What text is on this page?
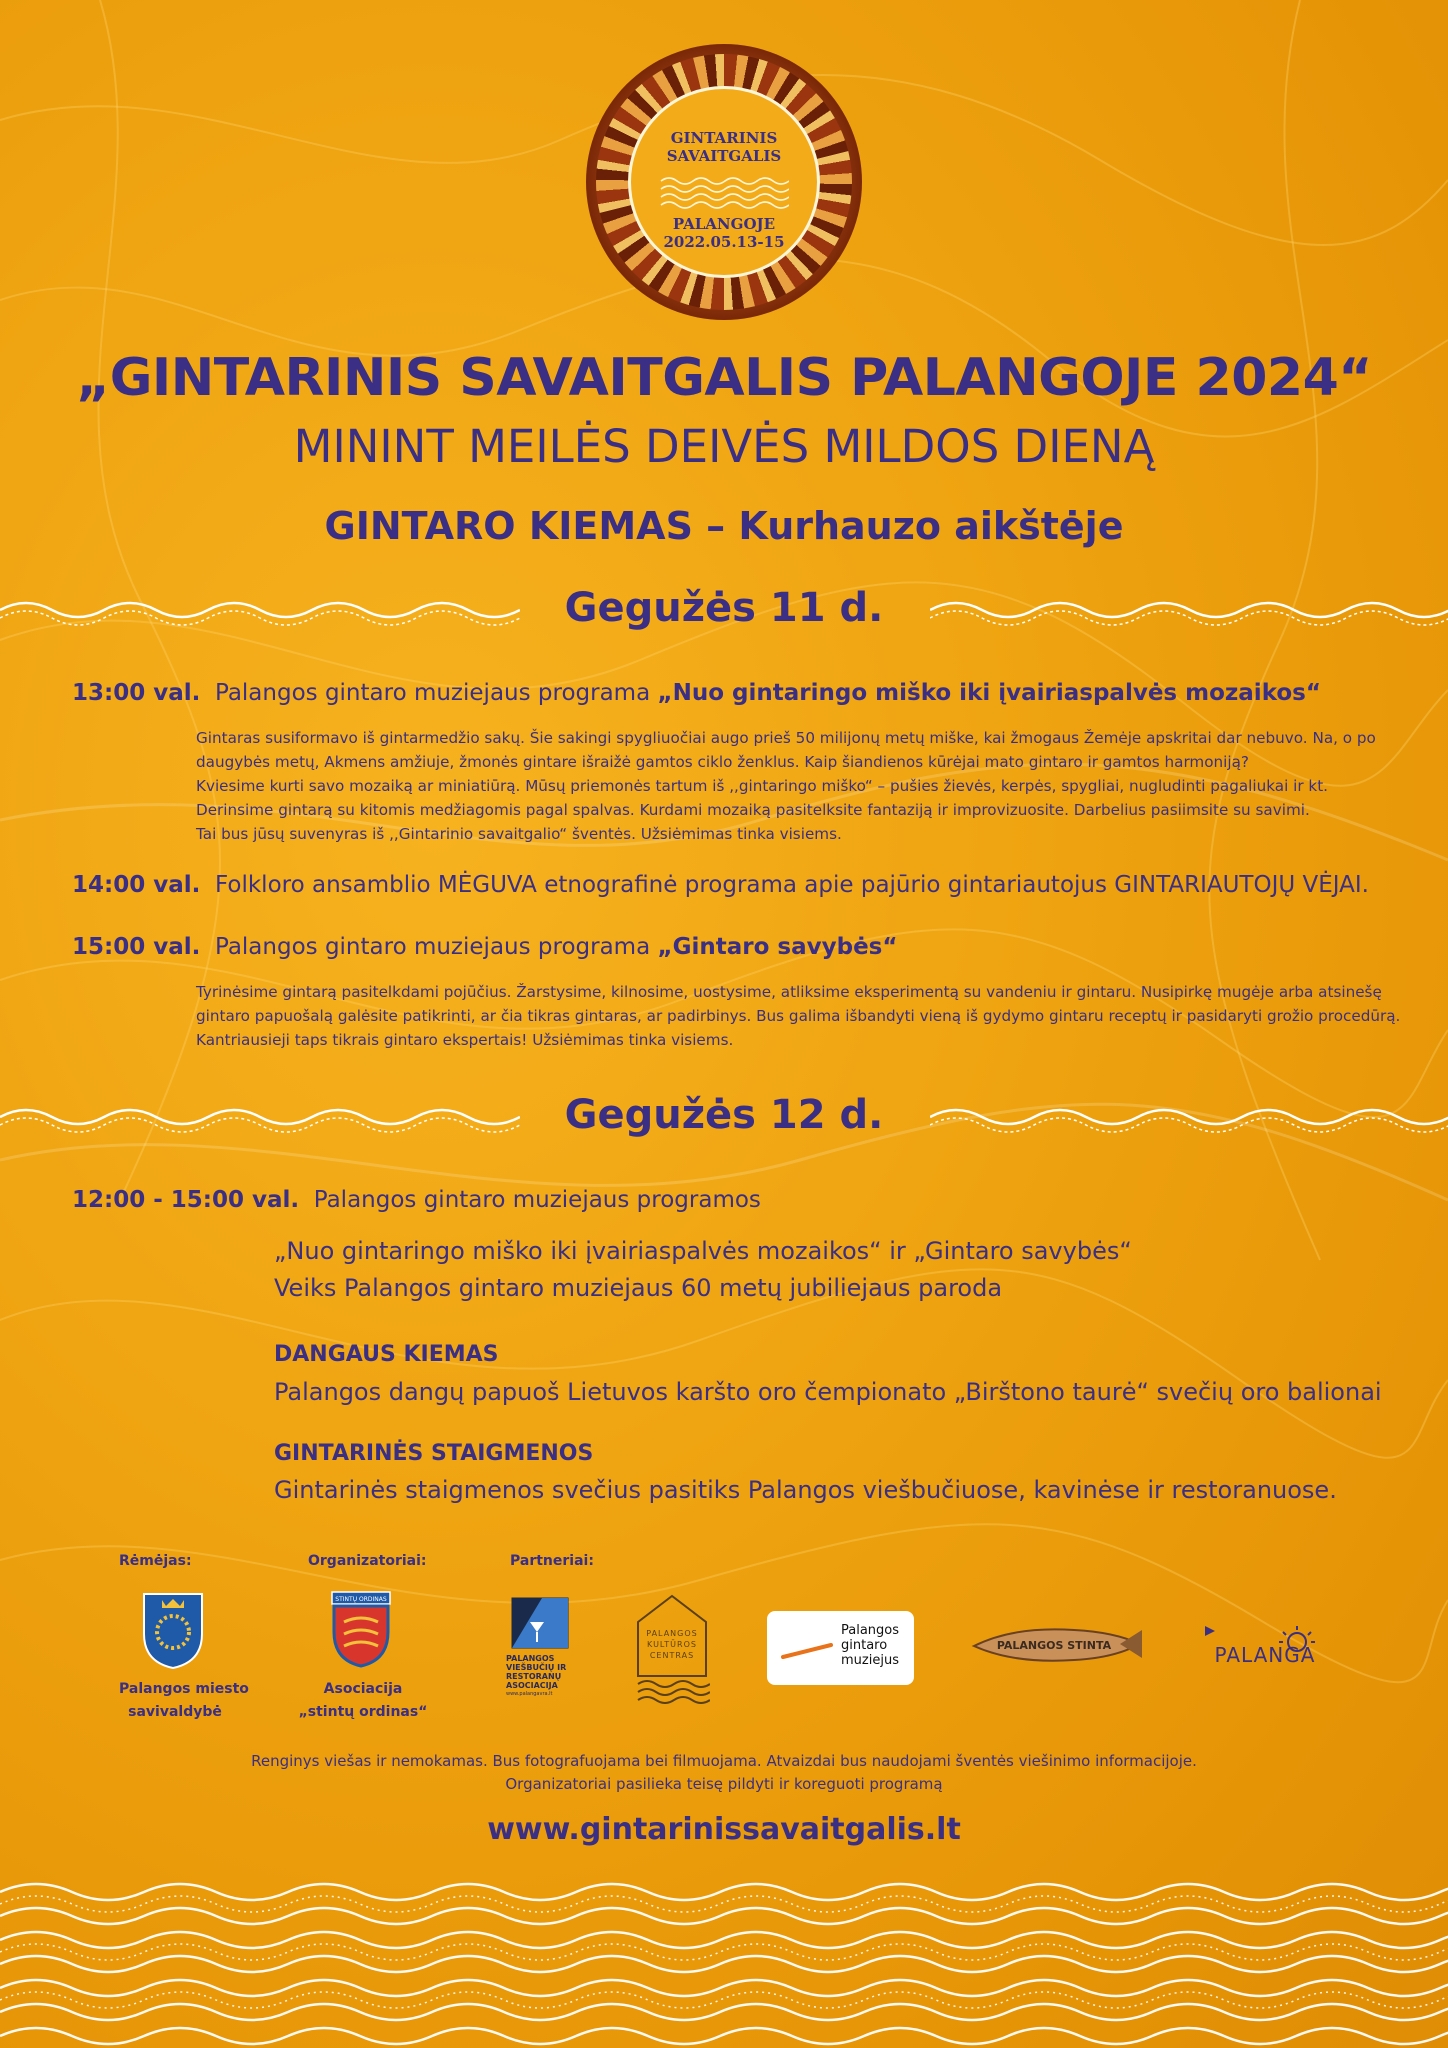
GINTARINIS
SAVAITGALIS
PALANGOJE
2022.05.13-15
„GINTARINIS SAVAITGALIS PALANGOJE 2024“
MININT MEILĖS DEIVĖS MILDOS DIENĄ
GINTARO KIEMAS – Kurhauzo aikštėje
Gegužės 11 d.
13:00 val. Palangos gintaro muziejaus programa „Nuo gintaringo miško iki įvairiaspalvės mozaikos“

Gintaras susiformavo iš gintarmedžio sakų. Šie sakingi spygliuočiai augo prieš 50 milijonų metų miške, kai žmogaus Žemėje apskritai dar nebuvo. Na, o po

daugybės metų, Akmens amžiuje, žmonės gintare išraižė gamtos ciklo ženklus. Kaip šiandienos kūrėjai mato gintaro ir gamtos harmoniją?

Kviesime kurti savo mozaiką ar miniatiūrą. Mūsų priemonės tartum iš ,,gintaringo miško“ – pušies žievės, kerpės, spygliai, nugludinti pagaliukai ir kt.

Derinsime gintarą su kitomis medžiagomis pagal spalvas. Kurdami mozaiką pasitelksite fantaziją ir improvizuosite. Darbelius pasiimsite su savimi.

Tai bus jūsų suvenyras iš ,,Gintarinio savaitgalio“ šventės. Užsiėmimas tinka visiems.

14:00 val. Folkloro ansamblio MĖGUVA etnografinė programa apie pajūrio gintariautojus GINTARIAUTOJŲ VĖJAI.
15:00 val. Palangos gintaro muziejaus programa „Gintaro savybės“

Tyrinėsime gintarą pasitelkdami pojūčius. Žarstysime, kilnosime, uostysime, atliksime eksperimentą su vandeniu ir gintaru. Nusipirkę mugėje arba atsinešę

gintaro papuošalą galėsite patikrinti, ar čia tikras gintaras, ar padirbinys. Bus galima išbandyti vieną iš gydymo gintaru receptų ir pasidaryti grožio procedūrą.

Kantriausieji taps tikrais gintaro ekspertais! Užsiėmimas tinka visiems.

Gegužės 12 d.
12:00 - 15:00 val. Palangos gintaro muziejaus programos
„Nuo gintaringo miško iki įvairiaspalvės mozaikos“ ir „Gintaro savybės“
Veiks Palangos gintaro muziejaus 60 metų jubiliejaus paroda
DANGAUS KIEMAS
Palangos dangų papuoš Lietuvos karšto oro čempionato „Birštono taurė“ svečių oro balionai
GINTARINĖS STAIGMENOS
Gintarinės staigmenos svečius pasitiks Palangos viešbučiuose, kavinėse ir restoranuose.
Rėmėjas:	Organizatoriai:	Partneriai:
Palangos miesto
savivaldybė
STINTŲ ORDINAS
Asociacija
„stintų ordinas“
PALANGOS
VIEŠBUČIŲ IR
RESTORANŲ
ASOCIACIJA
www.palangavra.lt
PALANGOS
KULTŪROS
CENTRAS
Palangos
gintaro
muziejus
PALANGOS STINTA	PALANGA
Renginys viešas ir nemokamas. Bus fotografuojama bei filmuojama. Atvaizdai bus naudojami šventės viešinimo informacijoje.
Organizatoriai pasilieka teisę pildyti ir koreguoti programą
www.gintarinissavaitgalis.lt
